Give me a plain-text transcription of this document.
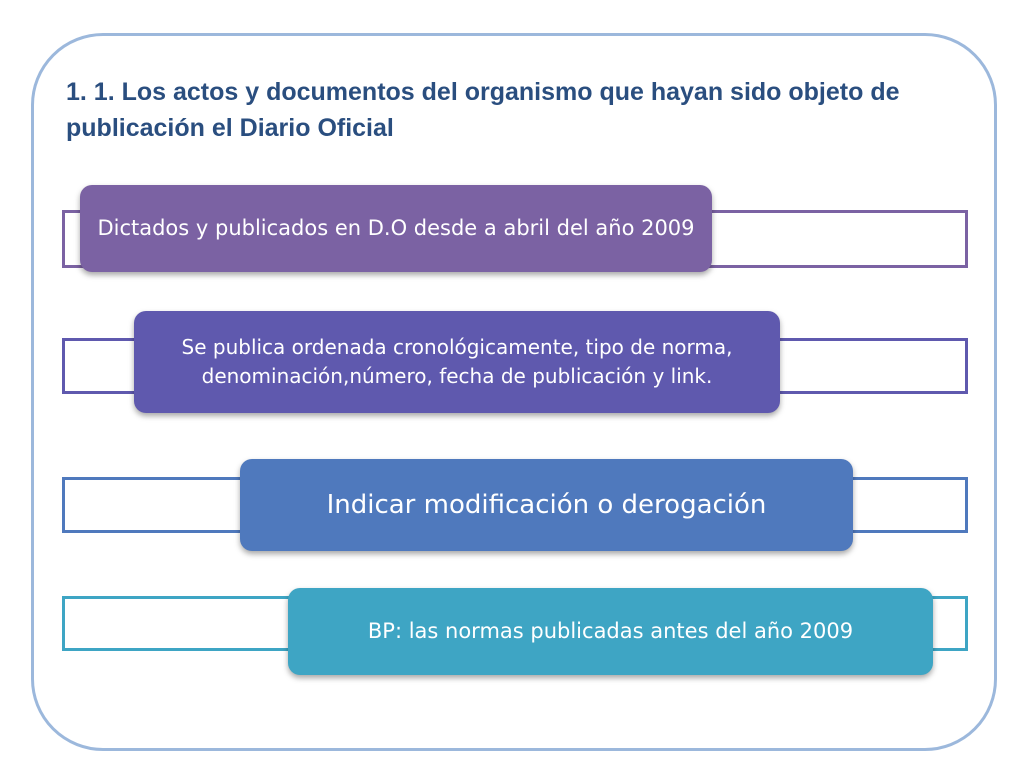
1. 1. Los actos y documentos del organismo que hayan sido objeto de publicación el Diario Oficial
Dictados y publicados en D.O desde a abril del año 2009
Se publica ordenada cronológicamente, tipo de norma, denominación,número, fecha de publicación y link.
Indicar modificación o derogación
BP: las normas publicadas antes del año 2009
